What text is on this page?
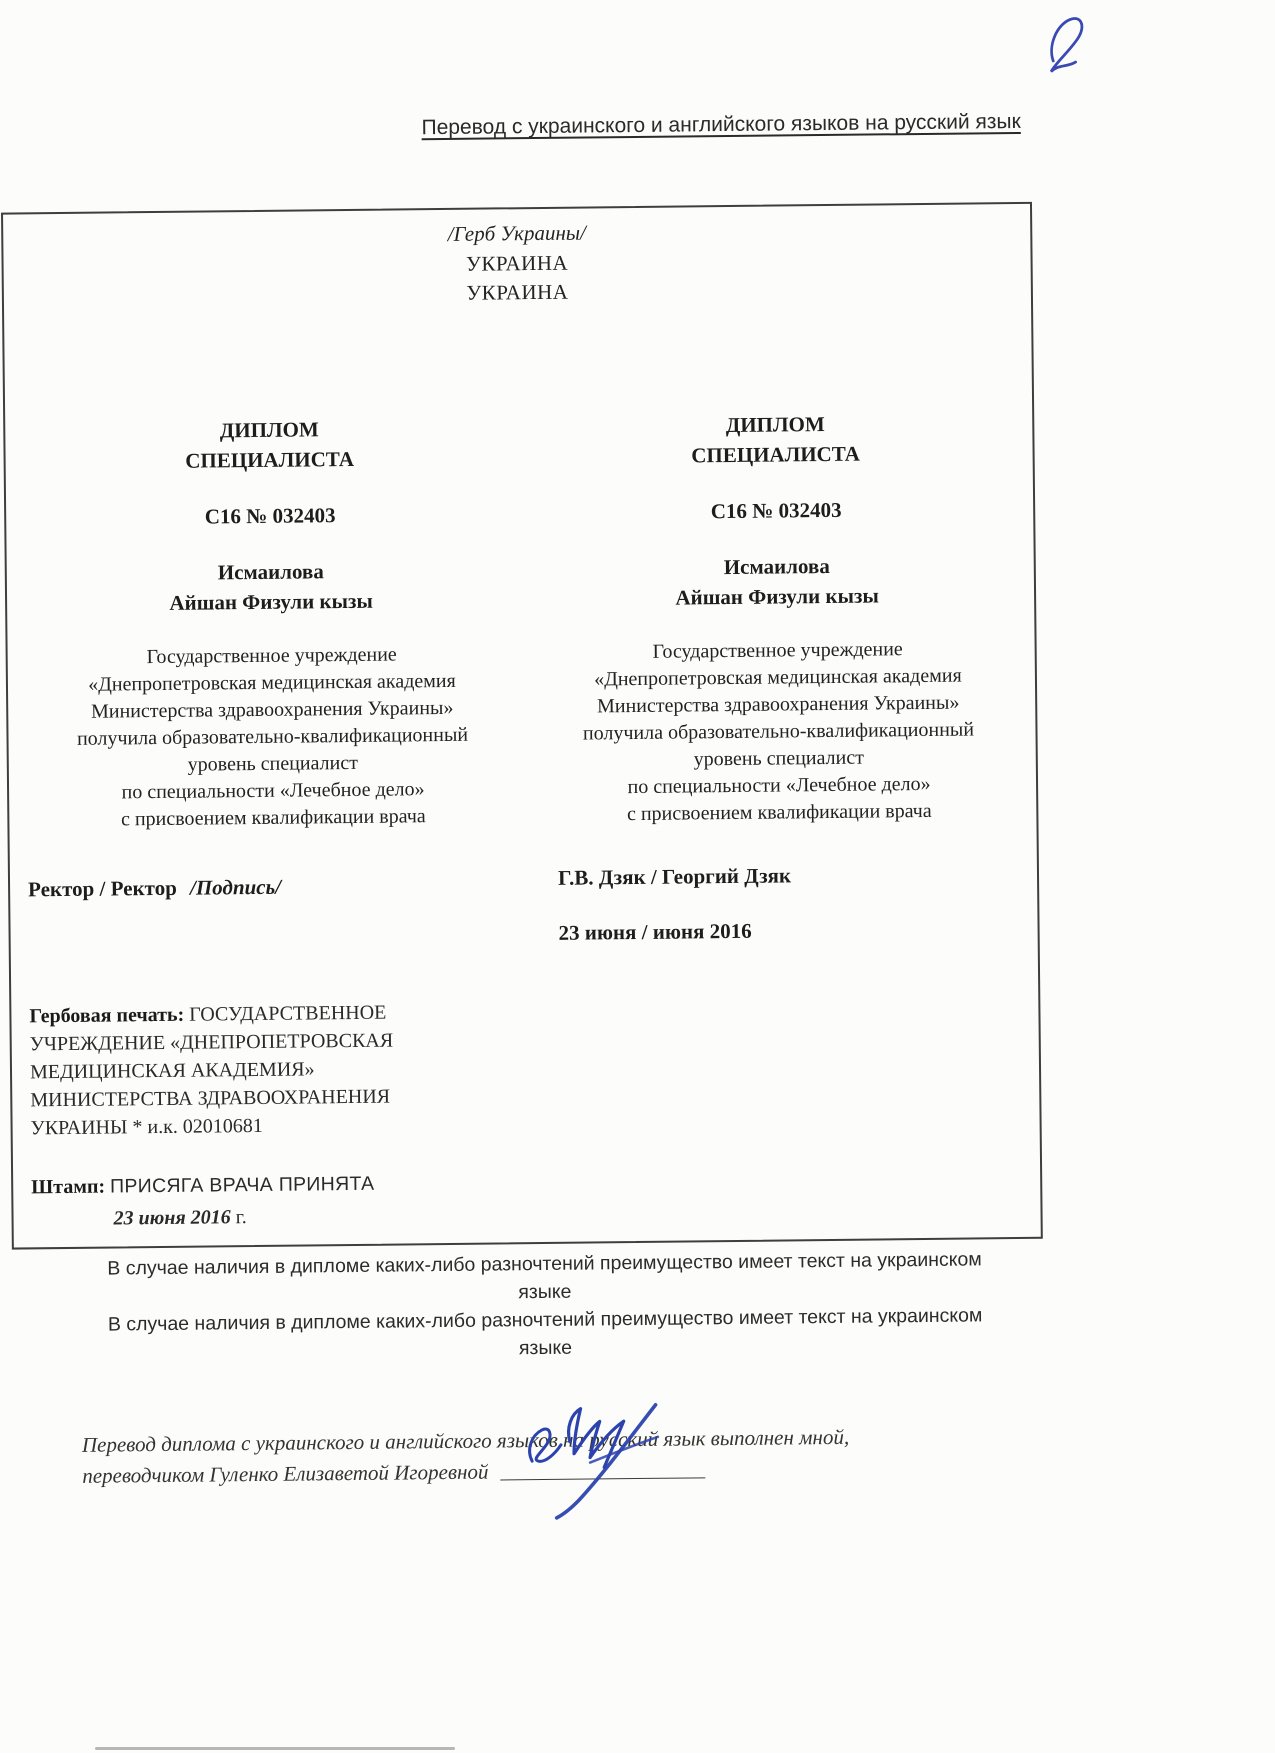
Перевод с украинского и английского языков на русский язык
/Герб Украины/
УКРАИНА
УКРАИНА
ДИПЛОМ
СПЕЦИАЛИСТА
С16 № 032403
Исмаилова
Айшан Физули кызы
Государственное учреждение
«Днепропетровская медицинская академия
Министерства здравоохранения Украины»
получила образовательно-квалификационный
уровень специалист
по специальности «Лечебное дело»
с присвоением квалификации врача
ДИПЛОМ
СПЕЦИАЛИСТА
С16 № 032403
Исмаилова
Айшан Физули кызы
Государственное учреждение
«Днепропетровская медицинская академия
Министерства здравоохранения Украины»
получила образовательно-квалификационный
уровень специалист
по специальности «Лечебное дело»
с присвоением квалификации врача
Ректор / Ректор /Подпись/	Г.В. Дзяк / Георгий Дзяк
23 июня / июня 2016
Гербовая печать: ГОСУДАРСТВЕННОЕ УЧРЕЖДЕНИЕ «ДНЕПРОПЕТРОВСКАЯ МЕДИЦИНСКАЯ АКАДЕМИЯ» МИНИСТЕРСТВА ЗДРАВООХРАНЕНИЯ УКРАИНЫ * и.к. 02010681
Штамп: ПРИСЯГА ВРАЧА ПРИНЯТА
23 июня 2016 г.
В случае наличия в дипломе каких-либо разночтений преимущество имеет текст на украинском языке
В случае наличия в дипломе каких-либо разночтений преимущество имеет текст на украинском языке
Перевод диплома с украинского и английского языков на русский язык выполнен мной,
переводчиком Гуленко Елизаветой Игоревной
